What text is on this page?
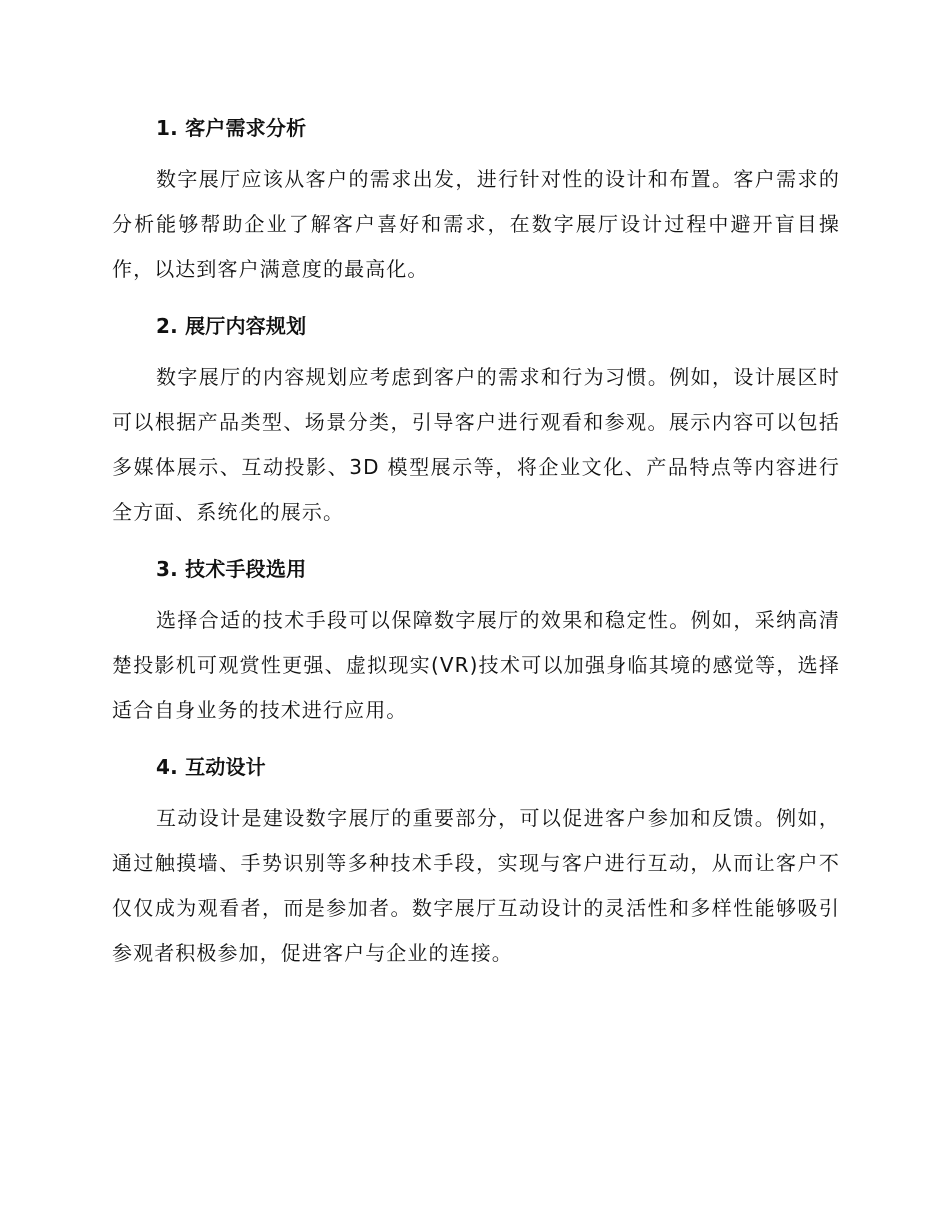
1. 客户需求分析

数字展厅应该从客户的需求出发，进行针对性的设计和布置。客户需求的分析能够帮助企业了解客户喜好和需求，在数字展厅设计过程中避开盲目操作，以达到客户满意度的最高化。

2. 展厅内容规划

数字展厅的内容规划应考虑到客户的需求和行为习惯。例如，设计展区时可以根据产品类型、场景分类，引导客户进行观看和参观。展示内容可以包括多媒体展示、互动投影、3D 模型展示等，将企业文化、产品特点等内容进行全方面、系统化的展示。

3. 技术手段选用

选择合适的技术手段可以保障数字展厅的效果和稳定性。例如，采纳高清楚投影机可观赏性更强、虚拟现实(VR)技术可以加强身临其境的感觉等，选择适合自身业务的技术进行应用。

4. 互动设计

互动设计是建设数字展厅的重要部分，可以促进客户参加和反馈。例如，通过触摸墙、手势识别等多种技术手段，实现与客户进行互动，从而让客户不仅仅成为观看者，而是参加者。数字展厅互动设计的灵活性和多样性能够吸引参观者积极参加，促进客户与企业的连接。
